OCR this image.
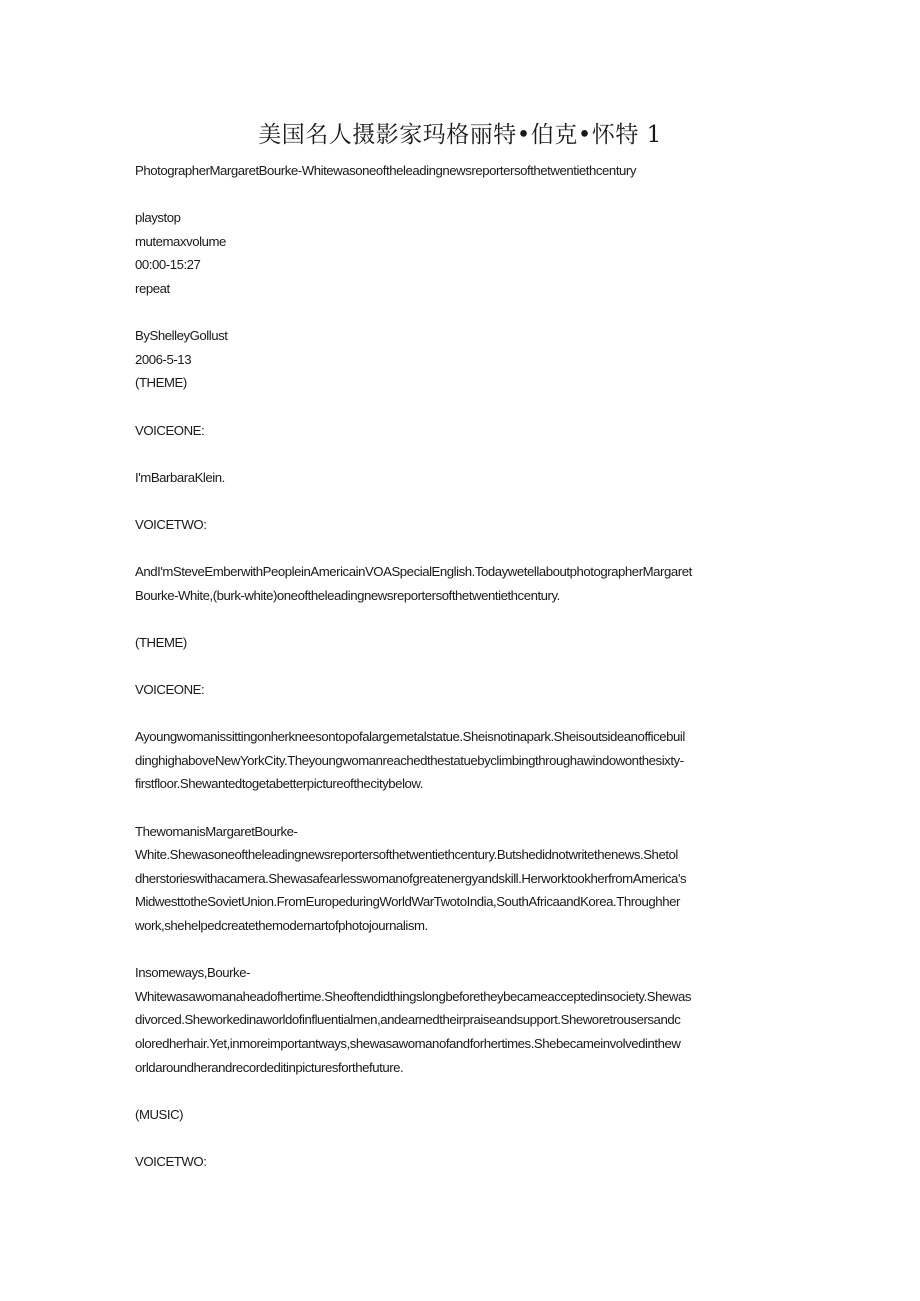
美国名人摄影家玛格丽特•伯克•怀特 1
PhotographerMargaretBourke-Whitewasoneoftheleadingnewsreportersofthetwentiethcentury
playstop
mutemaxvolume
00:00-15:27
repeat
ByShelleyGollust
2006-5-13
(THEME)
VOICEONE:
I'mBarbaraKlein.
VOICETWO:
AndI'mSteveEmberwithPeopleinAmericainVOASpecialEnglish.TodaywetellaboutphotographerMargaret
Bourke-White,(burk-white)oneoftheleadingnewsreportersofthetwentiethcentury.
(THEME)
VOICEONE:
Ayoungwomanissittingonherkneesontopofalargemetalstatue.Sheisnotinapark.Sheisoutsideanofficebuil
dinghighaboveNewYorkCity.Theyoungwomanreachedthestatuebyclimbingthroughawindowonthesixty-
firstfloor.Shewantedtogetabetterpictureofthecitybelow.
ThewomanisMargaretBourke-
White.Shewasoneoftheleadingnewsreportersofthetwentiethcentury.Butshedidnotwritethenews.Shetol
dherstorieswithacamera.Shewasafearlesswomanofgreatenergyandskill.HerworktookherfromAmerica's
MidwesttotheSovietUnion.FromEuropeduringWorldWarTwotoIndia,SouthAfricaandKorea.Throughher
work,shehelpedcreatethemodernartofphotojournalism.
Insomeways,Bourke-
Whitewasawomanaheadofhertime.Sheoftendidthingslongbeforetheybecameacceptedinsociety.Shewas
divorced.Sheworkedinaworldofinfluentialmen,andearnedtheirpraiseandsupport.Sheworetrousersandc
oloredherhair.Yet,inmoreimportantways,shewasawomanofandforhertimes.Shebecameinvolvedinthew
orldaroundherandrecordeditinpicturesforthefuture.
(MUSIC)
VOICETWO:
